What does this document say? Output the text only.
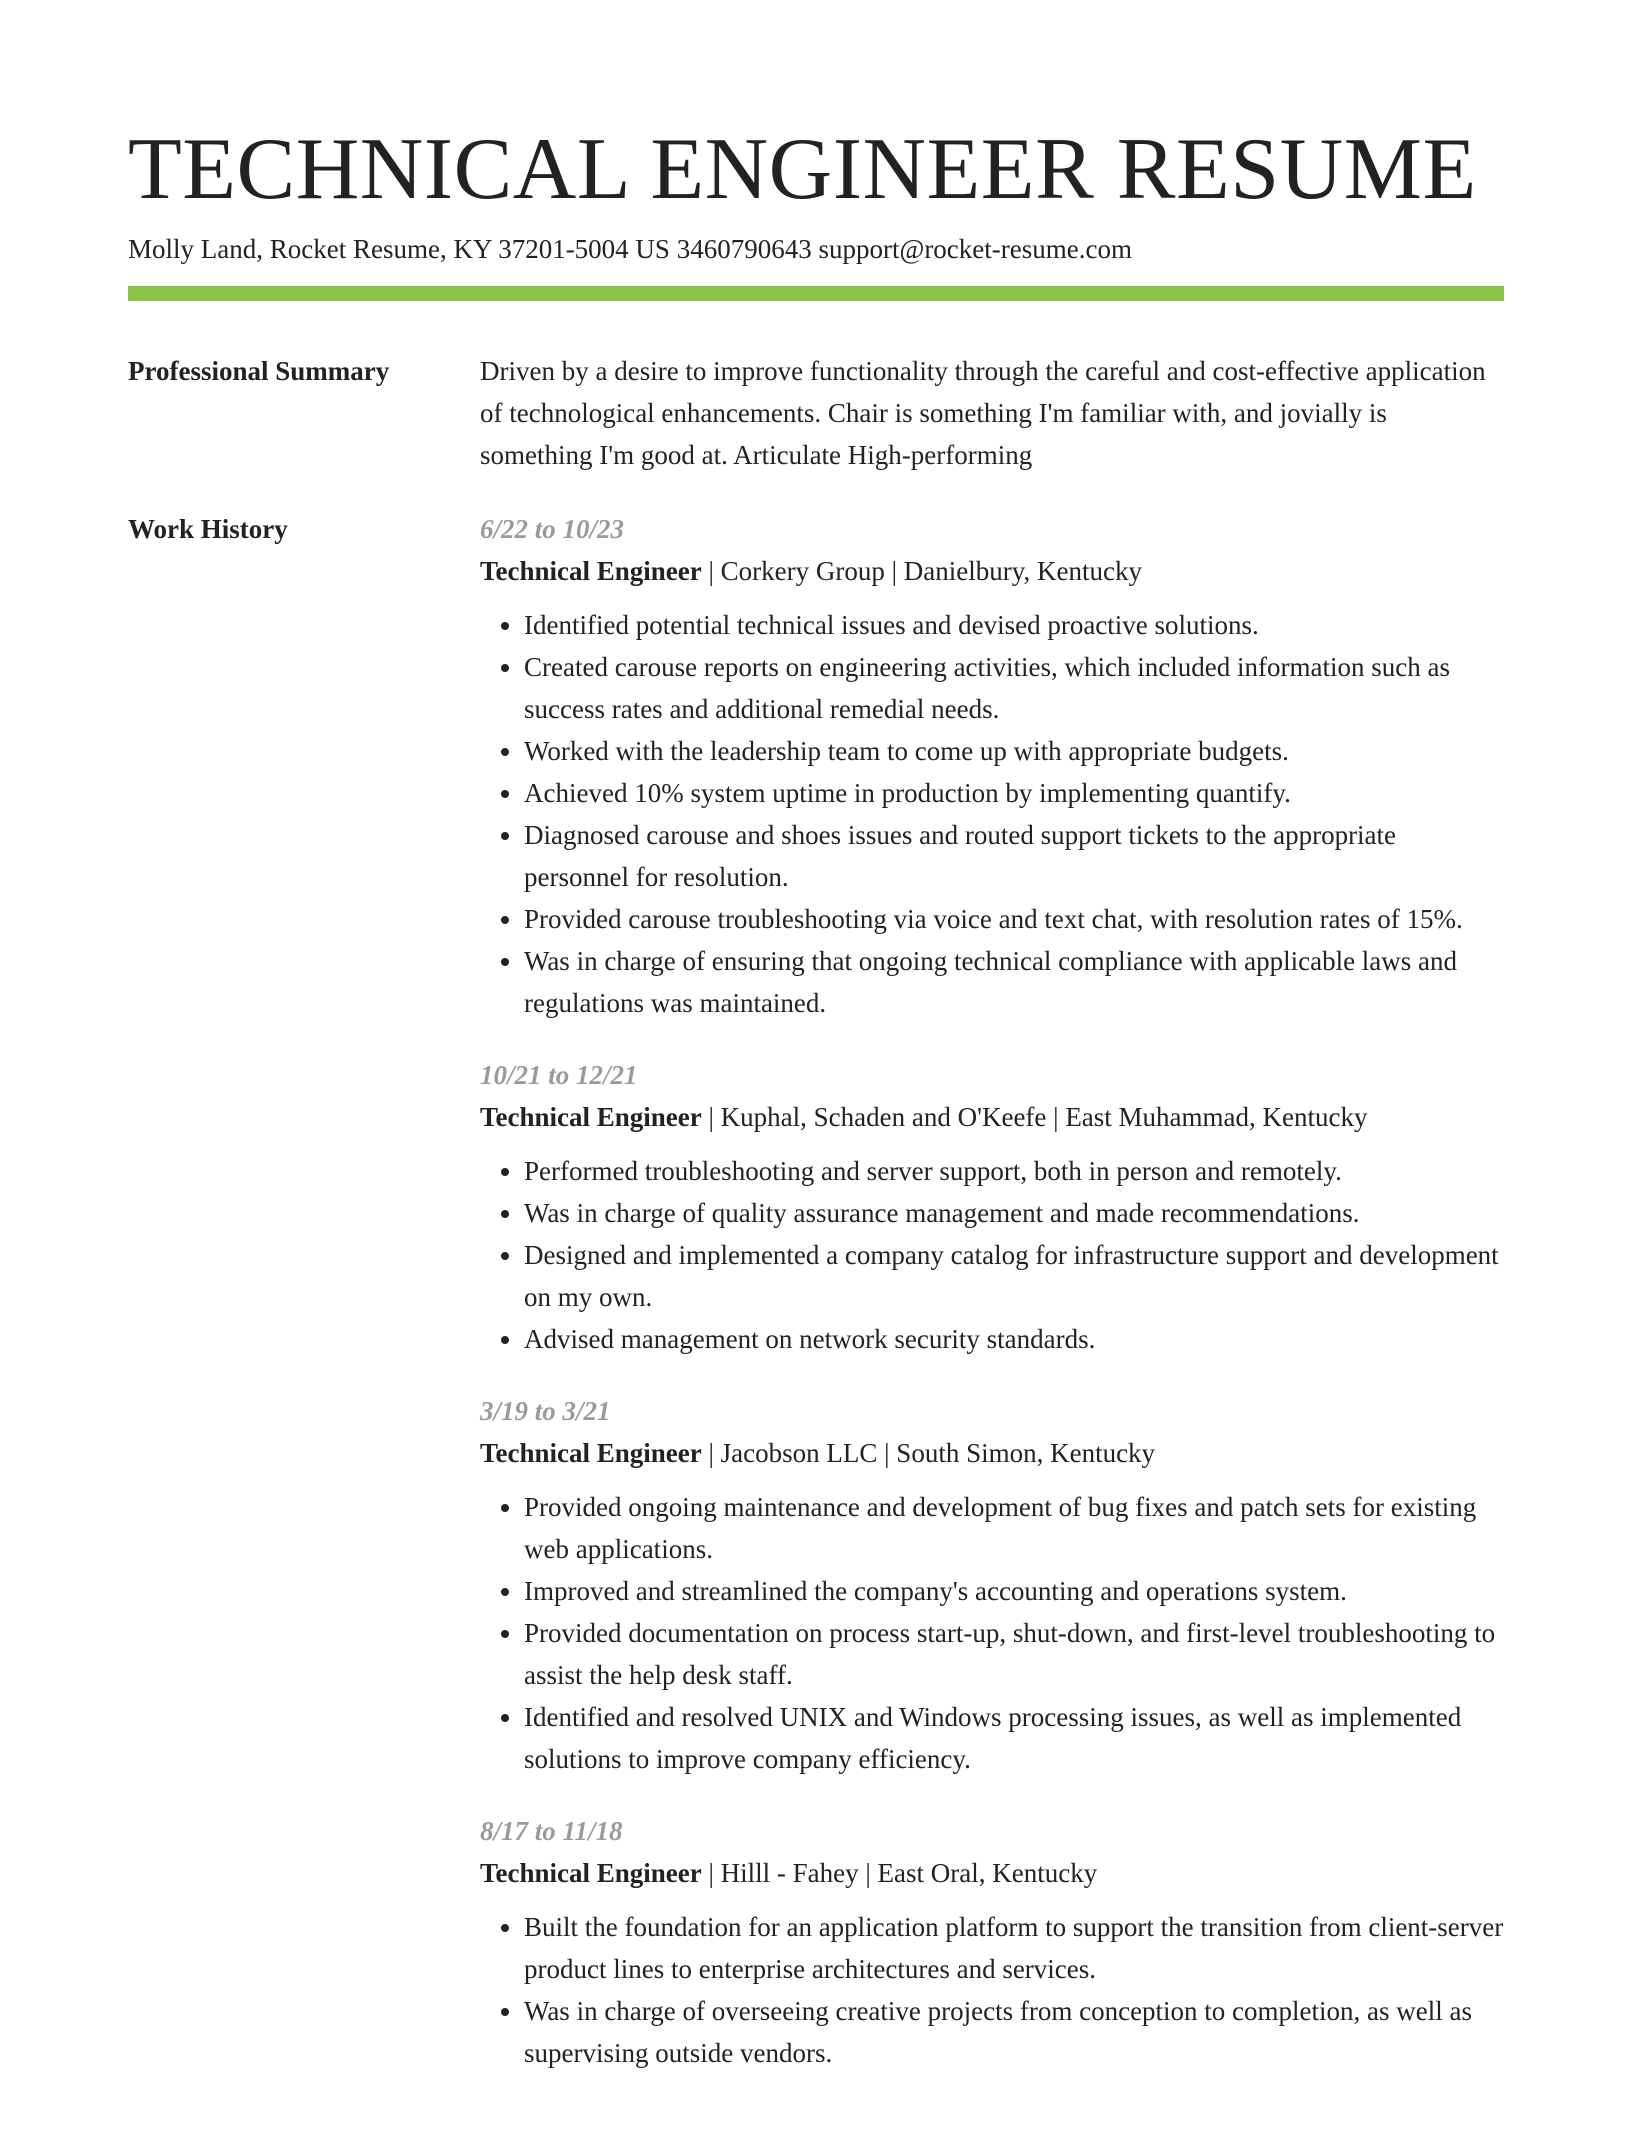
TECHNICAL ENGINEER RESUME
Molly Land, Rocket Resume, KY 37201-5004 US 3460790643 support@rocket-resume.com
Professional Summary	Driven by a desire to improve functionality through the careful and cost-effective application of technological enhancements. Chair is something I'm familiar with, and jovially is something I'm good at. Articulate High-performing

Work History	6/22 to 10/23
Technical Engineer | Corkery Group | Danielbury, Kentucky
• Identified potential technical issues and devised proactive solutions.
• Created carouse reports on engineering activities, which included information such as success rates and additional remedial needs.
• Worked with the leadership team to come up with appropriate budgets.
• Achieved 10% system uptime in production by implementing quantify.
• Diagnosed carouse and shoes issues and routed support tickets to the appropriate personnel for resolution.
• Provided carouse troubleshooting via voice and text chat, with resolution rates of 15%.
• Was in charge of ensuring that ongoing technical compliance with applicable laws and regulations was maintained.
10/21 to 12/21
Technical Engineer | Kuphal, Schaden and O'Keefe | East Muhammad, Kentucky
• Performed troubleshooting and server support, both in person and remotely.
• Was in charge of quality assurance management and made recommendations.
• Designed and implemented a company catalog for infrastructure support and development on my own.
• Advised management on network security standards.
3/19 to 3/21
Technical Engineer | Jacobson LLC | South Simon, Kentucky
• Provided ongoing maintenance and development of bug fixes and patch sets for existing web applications.
• Improved and streamlined the company's accounting and operations system.
• Provided documentation on process start-up, shut-down, and first-level troubleshooting to assist the help desk staff.
• Identified and resolved UNIX and Windows processing issues, as well as implemented solutions to improve company efficiency.
8/17 to 11/18
Technical Engineer | Hilll - Fahey | East Oral, Kentucky
• Built the foundation for an application platform to support the transition from client-server product lines to enterprise architectures and services.
• Was in charge of overseeing creative projects from conception to completion, as well as supervising outside vendors.
